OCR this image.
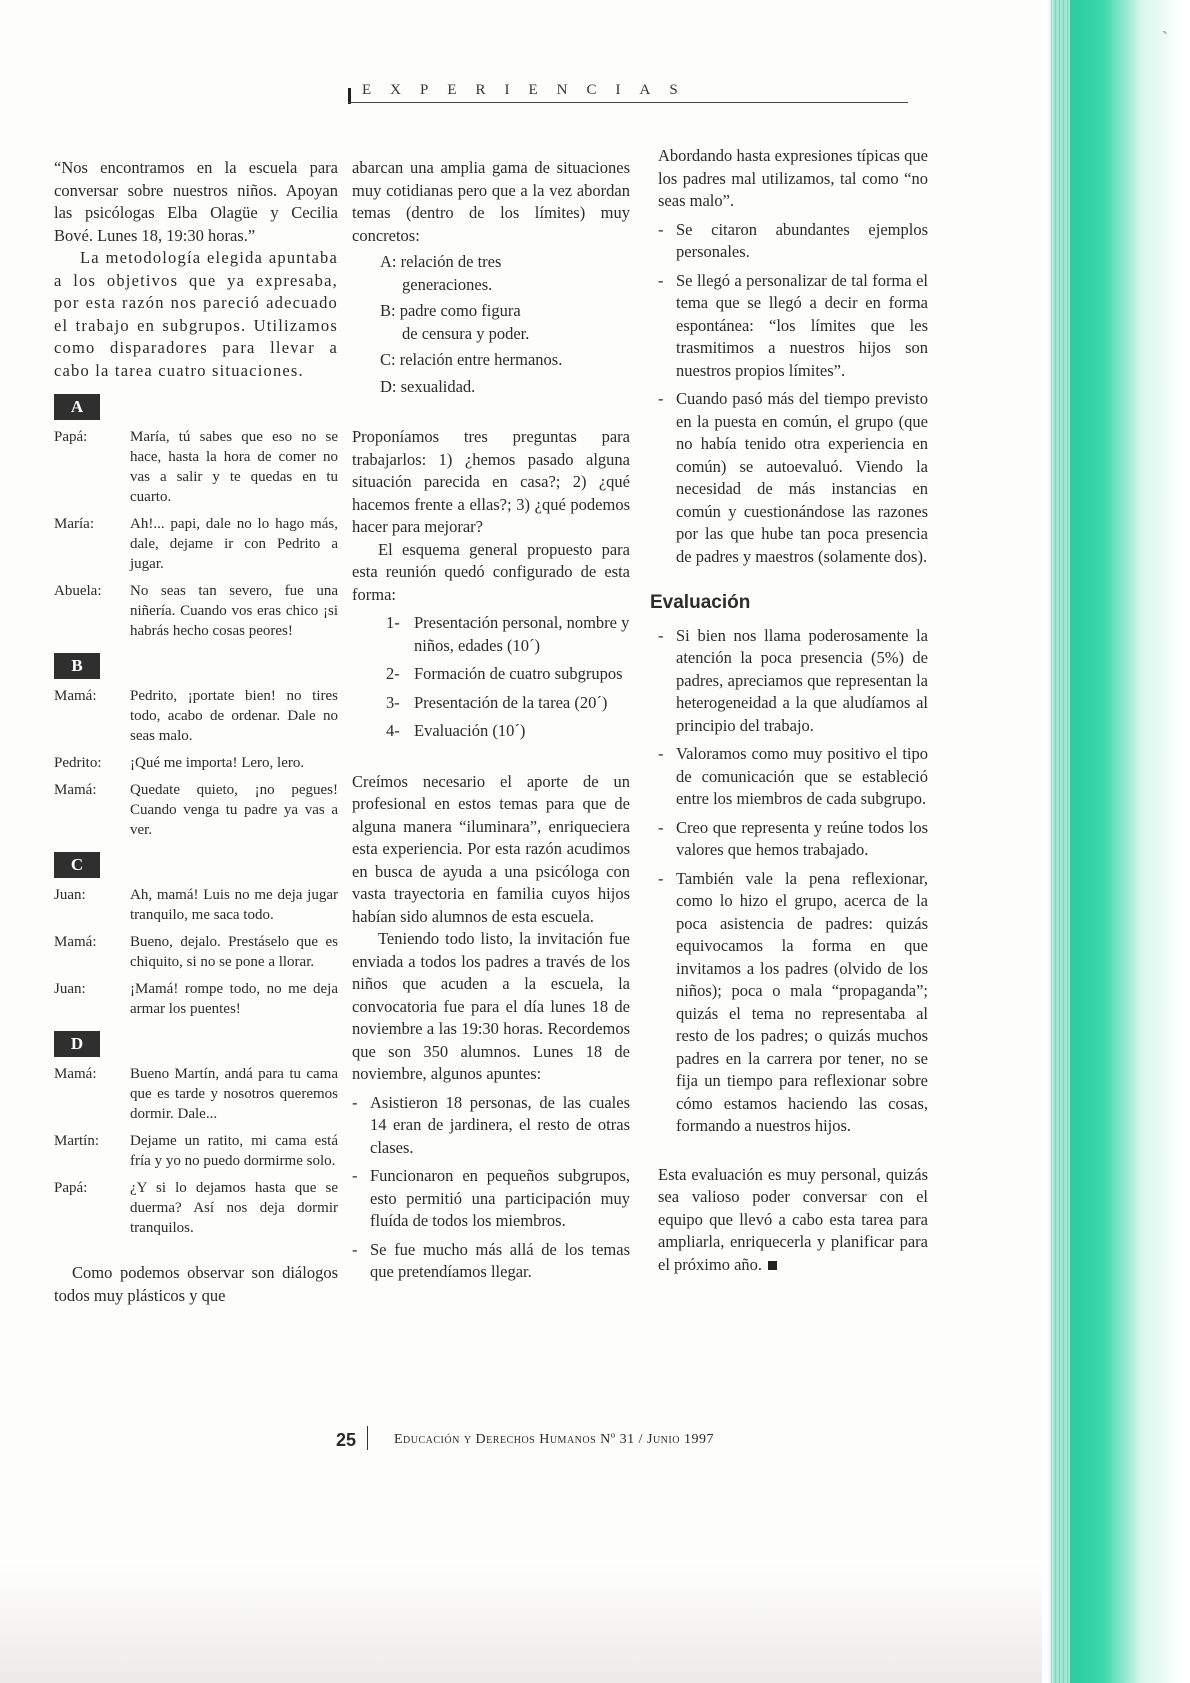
ˋ
EXPERIENCIAS

“Nos encontramos en la escuela para conversar sobre nuestros niños. Apoyan las psicólogas Elba Olagüe y Cecilia Bové. Lunes 18, 19:30 horas.”

La metodología elegida apuntaba a los objetivos que ya expresaba, por esta razón nos pareció adecuado el trabajo en subgrupos. Utilizamos como disparadores para llevar a cabo la tarea cuatro situaciones.

A
Papá:	María, tú sabes que eso no se hace, hasta la hora de comer no vas a salir y te quedas en tu cuarto.
María:	Ah!... papi, dale no lo hago más, dale, dejame ir con Pedrito a jugar.
Abuela:	No seas tan severo, fue una niñería. Cuando vos eras chico ¡si habrás hecho cosas peores!
B
Mamá:	Pedrito, ¡portate bien! no tires todo, acabo de ordenar. Dale no seas malo.
Pedrito:	¡Qué me importa! Lero, lero.
Mamá:	Quedate quieto, ¡no pegues! Cuando venga tu padre ya vas a ver.
C
Juan:	Ah, mamá! Luis no me deja jugar tranquilo, me saca todo.
Mamá:	Bueno, dejalo. Prestáselo que es chiquito, si no se pone a llorar.
Juan:	¡Mamá! rompe todo, no me deja armar los puentes!
D
Mamá:	Bueno Martín, andá para tu cama que es tarde y nosotros queremos dormir. Dale...
Martín:	Dejame un ratito, mi cama está fría y yo no puedo dormirme solo.
Papá:	¿Y si lo dejamos hasta que se duerma? Así nos deja dormir tranquilos.

Como podemos observar son diálogos todos muy plásticos y que

abarcan una amplia gama de situaciones muy cotidianas pero que a la vez abordan temas (dentro de los límites) muy concretos:

A: relación de tres
generaciones.
B: padre como figura
de censura y poder.
C: relación entre hermanos.
D: sexualidad.

Proponíamos tres preguntas para trabajarlos: 1) ¿hemos pasado alguna situación parecida en casa?; 2) ¿qué hacemos frente a ellas?; 3) ¿qué podemos hacer para mejorar?

El esquema general propuesto para esta reunión quedó configurado de esta forma:

1- Presentación personal, nombre y niños, edades (10´)
2- Formación de cuatro subgrupos
3- Presentación de la tarea (20´)
4- Evaluación (10´)

Creímos necesario el aporte de un profesional en estos temas para que de alguna manera “iluminara”, enriqueciera esta experiencia. Por esta razón acudimos en busca de ayuda a una psicóloga con vasta trayectoria en familia cuyos hijos habían sido alumnos de esta escuela.

Teniendo todo listo, la invitación fue enviada a todos los padres a través de los niños que acuden a la escuela, la convocatoria fue para el día lunes 18 de noviembre a las 19:30 horas. Recordemos que son 350 alumnos. Lunes 18 de noviembre, algunos apuntes:

- Asistieron 18 personas, de las cuales 14 eran de jardinera, el resto de otras clases.
- Funcionaron en pequeños subgrupos, esto permitió una participación muy fluída de todos los miembros.
- Se fue mucho más allá de los temas que pretendíamos llegar.

Abordando hasta expresiones típicas que los padres mal utilizamos, tal como “no seas malo”.

- Se citaron abundantes ejemplos personales.
- Se llegó a personalizar de tal forma el tema que se llegó a decir en forma espontánea: “los límites que les trasmitimos a nuestros hijos son nuestros propios límites”.
- Cuando pasó más del tiempo previsto en la puesta en común, el grupo (que no había tenido otra experiencia en común) se autoevaluó. Viendo la necesidad de más instancias en común y cuestionándose las razones por las que hube tan poca presencia de padres y maestros (solamente dos).
Evaluación
- Si bien nos llama poderosamente la atención la poca presencia (5%) de padres, apreciamos que representan la heterogeneidad a la que aludíamos al principio del trabajo.
- Valoramos como muy positivo el tipo de comunicación que se estableció entre los miembros de cada subgrupo.
- Creo que representa y reúne todos los valores que hemos trabajado.
- También vale la pena reflexionar, como lo hizo el grupo, acerca de la poca asistencia de padres: quizás equivocamos la forma en que invitamos a los padres (olvido de los niños); poca o mala “propaganda”; quizás el tema no representaba al resto de los padres; o quizás muchos padres en la carrera por tener, no se fija un tiempo para reflexionar sobre cómo estamos haciendo las cosas, formando a nuestros hijos.

Esta evaluación es muy personal, quizás sea valioso poder conversar con el equipo que llevó a cabo esta tarea para ampliarla, enriquecerla y planificar para el próximo año.

25	Educación y Derechos Humanos Nº 31 / Junio 1997
